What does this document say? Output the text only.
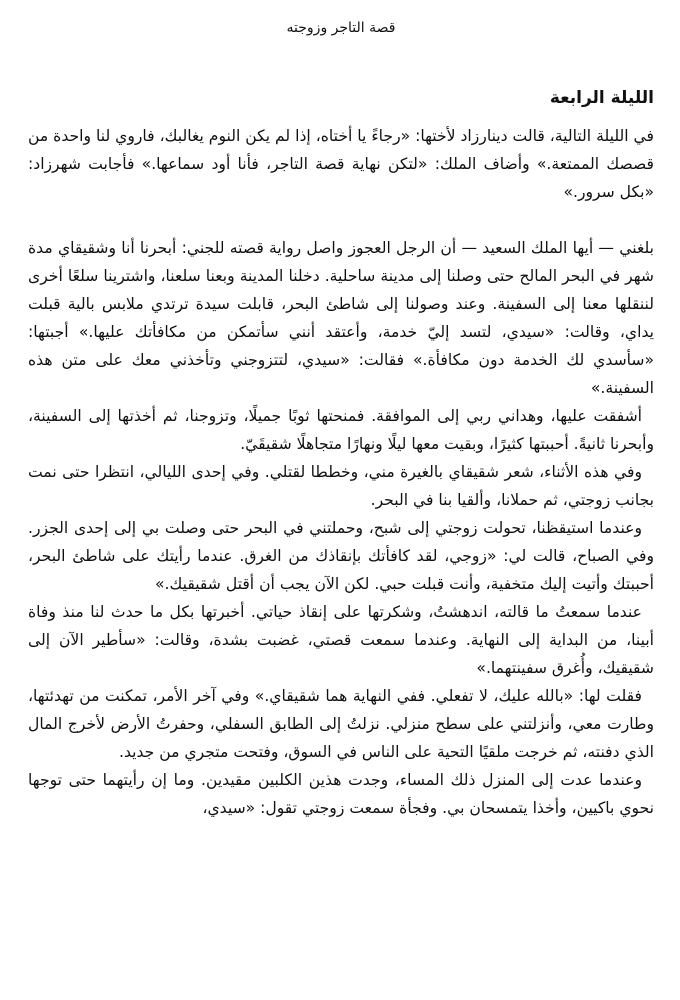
قصة التاجر وزوجته
الليلة الرابعة

في الليلة التالية، قالت دينارزاد لأختها: «رجاءً يا أختاه، إذا لم يكن النوم يغالبك، فاروي لنا واحدة من قصصك الممتعة.» وأضاف الملك: «لتكن نهاية قصة التاجر، فأنا أود سماعها.» فأجابت شهرزاد: «بكل سرور.»

بلغني — أيها الملك السعيد — أن الرجل العجوز واصل رواية قصته للجني: أبحرنا أنا وشقيقاي مدة شهر في البحر المالح حتى وصلنا إلى مدينة ساحلية. دخلنا المدينة وبعنا سلعنا، واشترينا سلعًا أخرى لننقلها معنا إلى السفينة. وعند وصولنا إلى شاطئ البحر، قابلت سيدة ترتدي ملابس بالية قبلت يداي، وقالت: «سيدي، لتسد إليّ خدمة، وأعتقد أنني سأتمكن من مكافأتك عليها.» أجبتها: «سأسدي لك الخدمة دون مكافأة.» فقالت: «سيدي، لتتزوجني وتأخذني معك على متن هذه السفينة.»

أشفقت عليها، وهداني ربي إلى الموافقة. فمنحتها ثوبًا جميلًا، وتزوجنا، ثم أخذتها إلى السفينة، وأبحرنا ثانيةً. أحببتها كثيرًا، وبقيت معها ليلًا ونهارًا متجاهلًا شقيقَيّ.

وفي هذه الأثناء، شعر شقيقاي بالغيرة مني، وخططا لقتلي. وفي إحدى الليالي، انتظرا حتى نمت بجانب زوجتي، ثم حملانا، وألقيا بنا في البحر.

وعندما استيقظنا، تحولت زوجتي إلى شبح، وحملتني في البحر حتى وصلت بي إلى إحدى الجزر. وفي الصباح، قالت لي: «زوجي، لقد كافأتك بإنقاذك من الغرق. عندما رأيتك على شاطئ البحر، أحببتك وأتيت إليك متخفية، وأنت قبلت حبي. لكن الآن يجب أن أقتل شقيقيك.»

عندما سمعتُ ما قالته، اندهشتُ، وشكرتها على إنقاذ حياتي. أخبرتها بكل ما حدث لنا منذ وفاة أبينا، من البداية إلى النهاية. وعندما سمعت قصتي، غضبت بشدة، وقالت: «سأطير الآن إلى شقيقيك، وأُغرق سفينتهما.»

فقلت لها: «بالله عليك، لا تفعلي. ففي النهاية هما شقيقاي.» وفي آخر الأمر، تمكنت من تهدئتها، وطارت معي، وأنزلتني على سطح منزلي. نزلتُ إلى الطابق السفلي، وحفرتُ الأرض لأخرج المال الذي دفنته، ثم خرجت ملقيًا التحية على الناس في السوق، وفتحت متجري من جديد.

وعندما عدت إلى المنزل ذلك المساء، وجدت هذين الكلبين مقيدين. وما إن رأيتهما حتى توجها نحوي باكيين، وأخذا يتمسحان بي. وفجأة سمعت زوجتي تقول: «سيدي،
